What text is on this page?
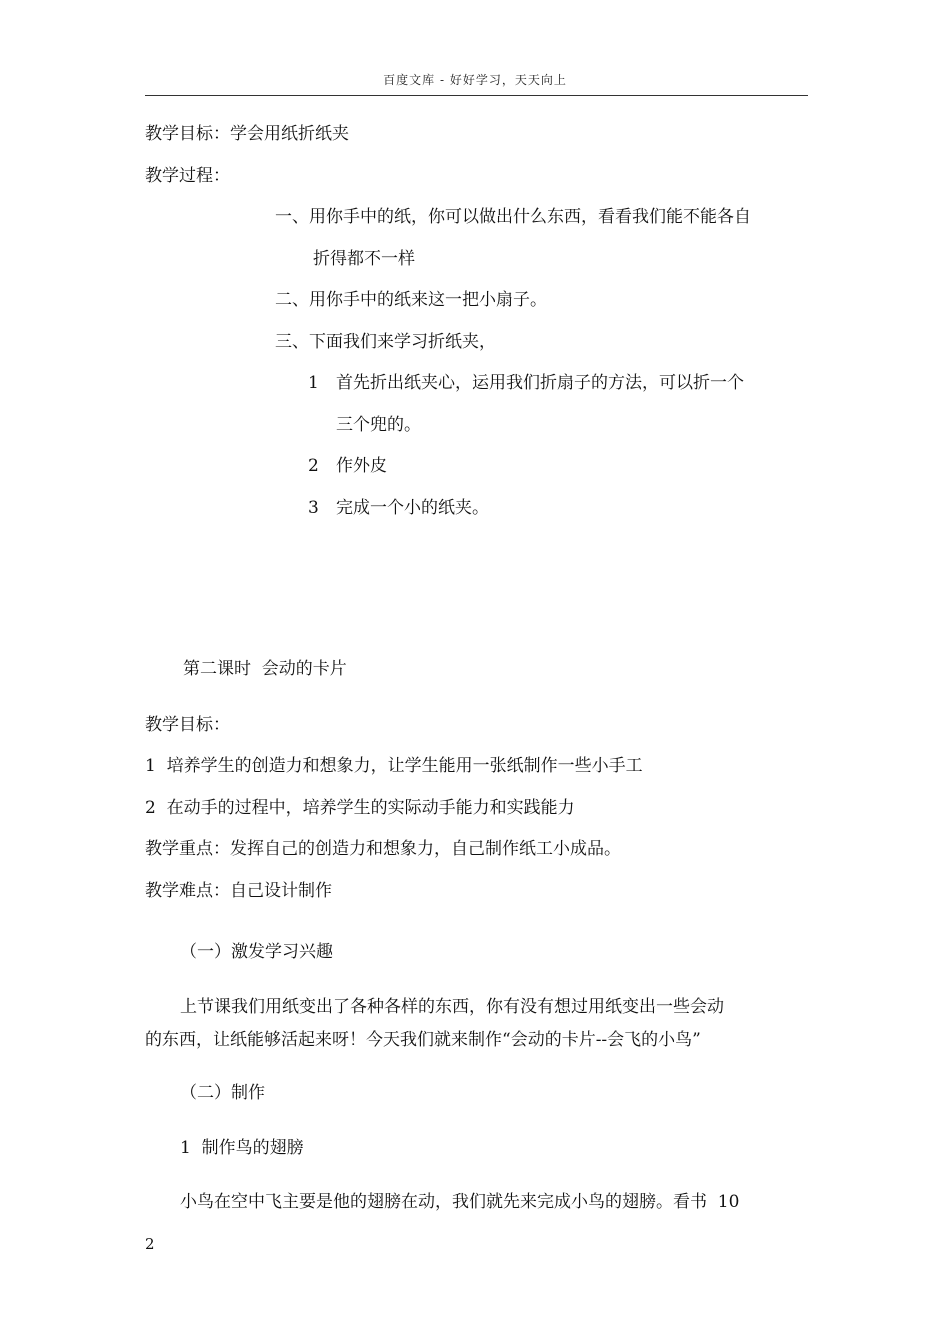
百度文库 - 好好学习，天天向上
教学目标：学会用纸折纸夹
教学过程：
一、用你手中的纸，你可以做出什么东西，看看我们能不能各自
折得都不一样
二、用你手中的纸来这一把小扇子。
三、下面我们来学习折纸夹，
1 首先折出纸夹心，运用我们折扇子的方法，可以折一个
三个兜的。
2 作外皮
3 完成一个小的纸夹。
第二课时  会动的卡片
教学目标：
1  培养学生的创造力和想象力，让学生能用一张纸制作一些小手工
2  在动手的过程中，培养学生的实际动手能力和实践能力
教学重点：发挥自己的创造力和想象力，自己制作纸工小成品。
教学难点：自己设计制作
（一）激发学习兴趣
上节课我们用纸变出了各种各样的东西，你有没有想过用纸变出一些会动
的东西，让纸能够活起来呀！今天我们就来制作“会动的卡片--会飞的小鸟”
（二）制作
1  制作鸟的翅膀
小鸟在空中飞主要是他的翅膀在动，我们就先来完成小鸟的翅膀。看书  10
2
